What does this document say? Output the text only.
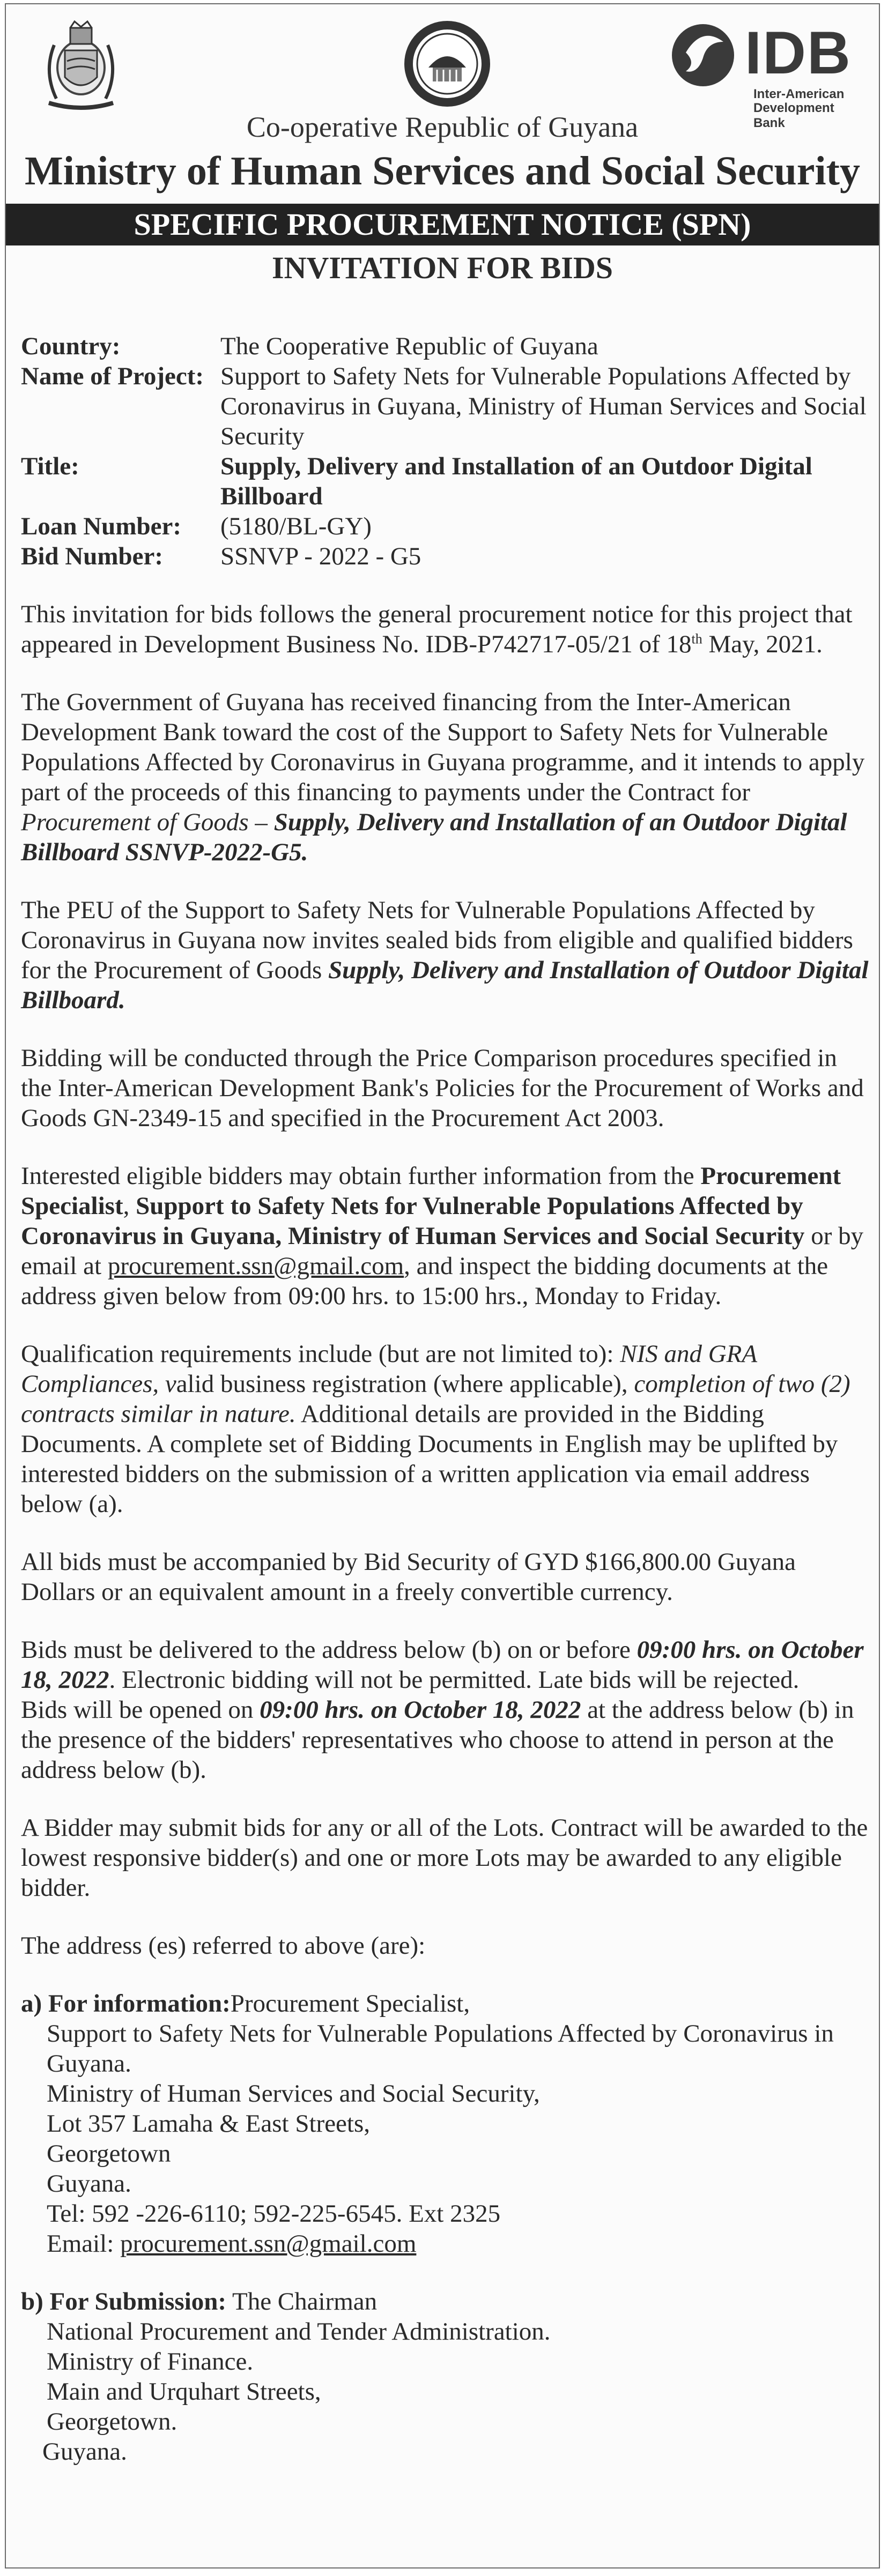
IDB
Inter-American
Development Bank
Co-operative Republic of Guyana
Ministry of Human Services and Social Security
SPECIFIC PROCUREMENT NOTICE (SPN)
INVITATION FOR BIDS
Country:	The Cooperative Republic of Guyana
Name of Project: Support to Safety Nets for Vulnerable Populations Affected by Coronavirus in Guyana, Ministry of Human Services and Social Security
Title:	Supply, Delivery and Installation of an Outdoor Digital Billboard
Loan Number:	(5180/BL-GY)
Bid Number:	SSNVP - 2022 - G5
This invitation for bids follows the general procurement notice for this project that appeared in Development Business No. IDB-P742717-05/21 of 18th May, 2021.
The Government of Guyana has received financing from the Inter-American Development Bank toward the cost of the Support to Safety Nets for Vulnerable Populations Affected by Coronavirus in Guyana programme, and it intends to apply part of the proceeds of this financing to payments under the Contract for Procurement of Goods – Supply, Delivery and Installation of an Outdoor Digital Billboard SSNVP-2022-G5.
The PEU of the Support to Safety Nets for Vulnerable Populations Affected by Coronavirus in Guyana now invites sealed bids from eligible and qualified bidders for the Procurement of Goods Supply, Delivery and Installation of Outdoor Digital Billboard.
Bidding will be conducted through the Price Comparison procedures specified in the Inter-American Development Bank's Policies for the Procurement of Works and Goods GN-2349-15 and specified in the Procurement Act 2003.
Interested eligible bidders may obtain further information from the Procurement Specialist, Support to Safety Nets for Vulnerable Populations Affected by Coronavirus in Guyana, Ministry of Human Services and Social Security or by email at procurement.ssn@gmail.com, and inspect the bidding documents at the address given below from 09:00 hrs. to 15:00 hrs., Monday to Friday.
Qualification requirements include (but are not limited to): NIS and GRA Compliances, valid business registration (where applicable), completion of two (2) contracts similar in nature. Additional details are provided in the Bidding Documents. A complete set of Bidding Documents in English may be uplifted by interested bidders on the submission of a written application via email address below (a).
All bids must be accompanied by Bid Security of GYD $166,800.00 Guyana Dollars or an equivalent amount in a freely convertible currency.
Bids must be delivered to the address below (b) on or before 09:00 hrs. on October 18, 2022. Electronic bidding will not be permitted. Late bids will be rejected.
Bids will be opened on 09:00 hrs. on October 18, 2022 at the address below (b) in the presence of the bidders' representatives who choose to attend in person at the address below (b).
A Bidder may submit bids for any or all of the Lots. Contract will be awarded to the lowest responsive bidder(s) and one or more Lots may be awarded to any eligible bidder.
The address (es) referred to above (are):
a) For information:Procurement Specialist,
Support to Safety Nets for Vulnerable Populations Affected by Coronavirus in Guyana.
Ministry of Human Services and Social Security,
Lot 357 Lamaha & East Streets,
Georgetown
Guyana.
Tel: 592 -226-6110; 592-225-6545. Ext 2325
Email: procurement.ssn@gmail.com
b) For Submission: The Chairman
National Procurement and Tender Administration.
Ministry of Finance.
Main and Urquhart Streets,
Georgetown.
Guyana.
